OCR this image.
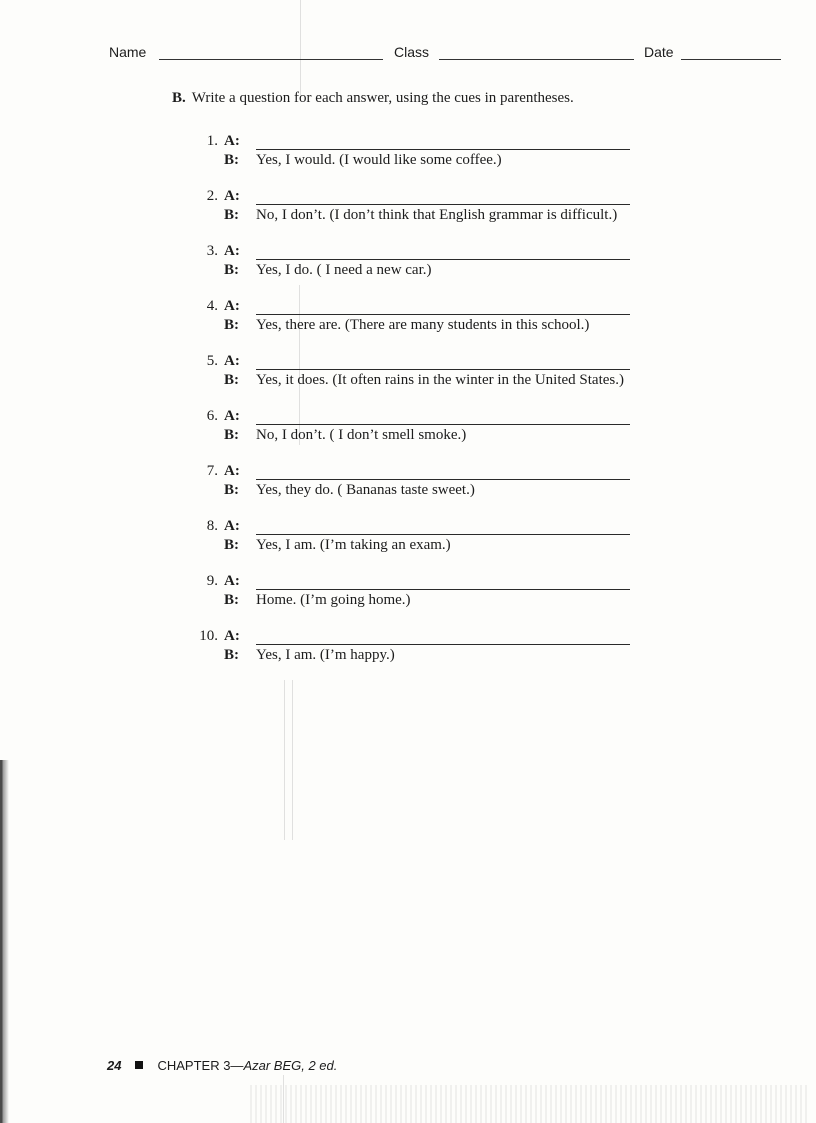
Name	Class	Date
B. Write a question for each answer, using the cues in parentheses.
1. A:
B: Yes, I would. (I would like some coffee.)
2. A:
B: No, I don’t. (I don’t think that English grammar is difficult.)
3. A:
B: Yes, I do. ( I need a new car.)
4. A:
B: Yes, there are. (There are many students in this school.)
5. A:
B: Yes, it does. (It often rains in the winter in the United States.)
6. A:
B: No, I don’t. ( I don’t smell smoke.)
7. A:
B: Yes, they do. ( Bananas taste sweet.)
8. A:
B: Yes, I am. (I’m taking an exam.)
9. A:
B: Home. (I’m going home.)
10. A:
B: Yes, I am. (I’m happy.)
24	CHAPTER 3—Azar BEG, 2 ed.
